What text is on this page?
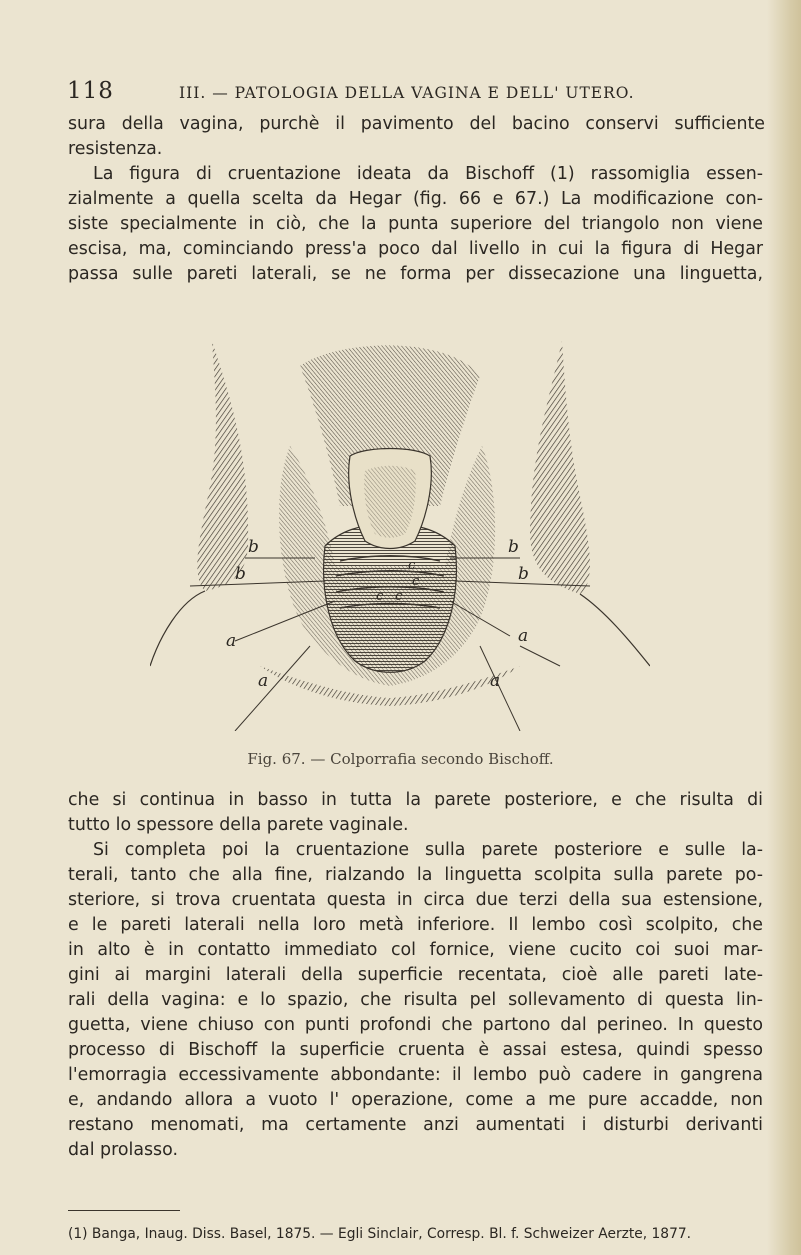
118	III. — PATOLOGIA DELLA VAGINA E DELL' UTERO.
sura della vagina, purchè il pavimento del bacino conservi sufficiente
resistenza.
La figura di cruentazione ideata da Bischoff (1) rassomiglia essen-
zialmente a quella scelta da Hegar (fig. 66 e 67.) La modificazione con-
siste specialmente in ciò, che la punta superiore del triangolo non viene
escisa, ma, cominciando press'a poco dal livello in cui la figura di Hegar
passa sulle pareti laterali, se ne forma per dissecazione una linguetta,
b	b
b	b
c
c
c c
a	a
a	a
Fig. 67. — Colporrafia secondo Bischoff.
che si continua in basso in tutta la parete posteriore, e che risulta di
tutto lo spessore della parete vaginale.
Si completa poi la cruentazione sulla parete posteriore e sulle la-
terali, tanto che alla fine, rialzando la linguetta scolpita sulla parete po-
steriore, si trova cruentata questa in circa due terzi della sua estensione,
e le pareti laterali nella loro metà inferiore. Il lembo così scolpito, che
in alto è in contatto immediato col fornice, viene cucito coi suoi mar-
gini ai margini laterali della superficie recentata, cioè alle pareti late-
rali della vagina: e lo spazio, che risulta pel sollevamento di questa lin-
guetta, viene chiuso con punti profondi che partono dal perineo. In questo
processo di Bischoff la superficie cruenta è assai estesa, quindi spesso
l'emorragia eccessivamente abbondante: il lembo può cadere in gangrena
e, andando allora a vuoto l' operazione, come a me pure accadde, non
restano menomati, ma certamente anzi aumentati i disturbi derivanti
dal prolasso.
(1) Banga, Inaug. Diss. Basel, 1875. — Egli Sinclair, Corresp. Bl. f. Schweizer Aerzte, 1877.
